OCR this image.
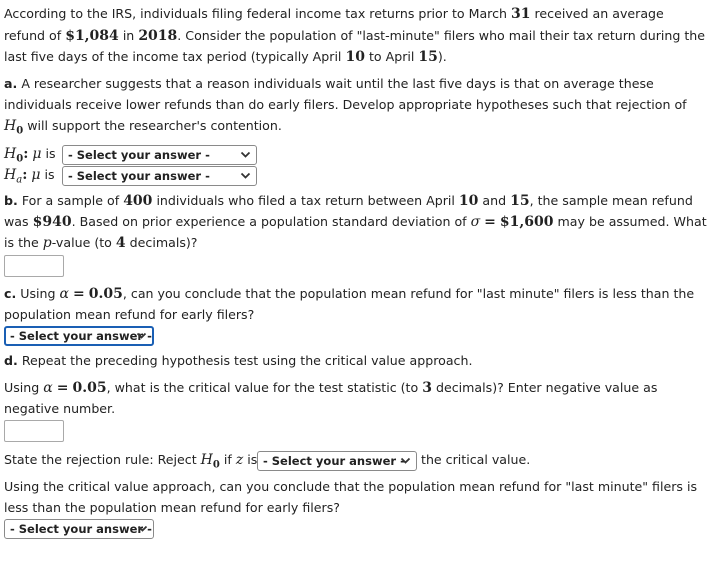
According to the IRS, individuals filing federal income tax returns prior to March 31 received an average
refund of $1,084 in 2018. Consider the population of "last-minute" filers who mail their tax return during the
last five days of the income tax period (typically April 10 to April 15).
a. A researcher suggests that a reason individuals wait until the last five days is that on average these
individuals receive lower refunds than do early filers. Develop appropriate hypotheses such that rejection of
$H_0$ will support the researcher's contention.
$H_0$: μ is	- Select your answer -
$H_a$: μ is	- Select your answer -
b. For a sample of 400 individuals who filed a tax return between April 10 and 15, the sample mean refund
was $940. Based on prior experience a population standard deviation of σ = $1,600 may be assumed. What
is the p-value (to 4 decimals)?
c. Using α = 0.05, can you conclude that the population mean refund for "last minute" filers is less than the
population mean refund for early filers?
- Select your answer -
d. Repeat the preceding hypothesis test using the critical value approach.
Using α = 0.05, what is the critical value for the test statistic (to 3 decimals)? Enter negative value as
negative number.
State the rejection rule: Reject $H_0$ if z is - Select your answer -	the critical value.
Using the critical value approach, can you conclude that the population mean refund for "last minute" filers is
less than the population mean refund for early filers?
- Select your answer -
